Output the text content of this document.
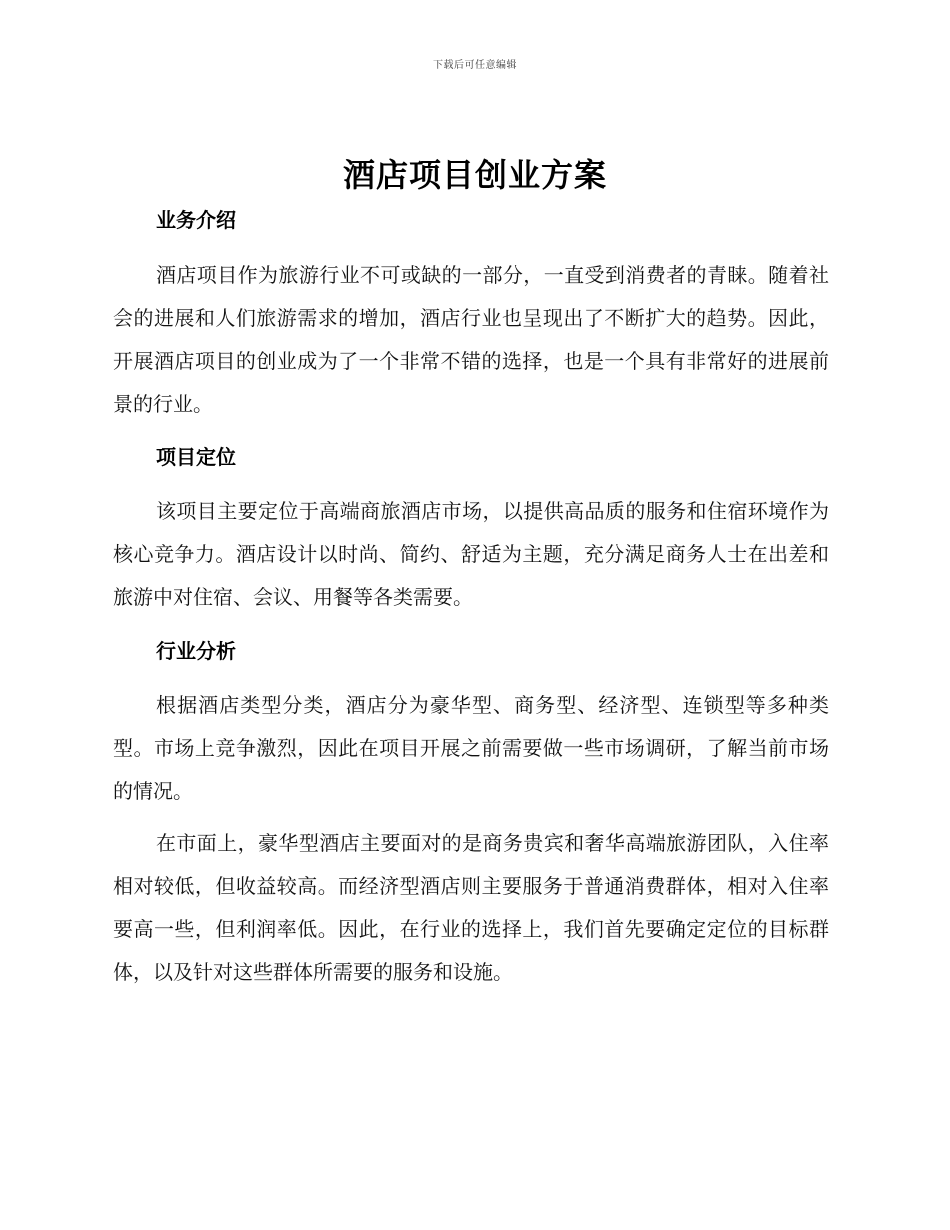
下载后可任意编辑
酒店项目创业方案
业务介绍

酒店项目作为旅游行业不可或缺的一部分，一直受到消费者的青睐。随着社会的进展和人们旅游需求的增加，酒店行业也呈现出了不断扩大的趋势。因此，开展酒店项目的创业成为了一个非常不错的选择，也是一个具有非常好的进展前景的行业。

项目定位

该项目主要定位于高端商旅酒店市场，以提供高品质的服务和住宿环境作为核心竞争力。酒店设计以时尚、简约、舒适为主题，充分满足商务人士在出差和旅游中对住宿、会议、用餐等各类需要。

行业分析

根据酒店类型分类，酒店分为豪华型、商务型、经济型、连锁型等多种类型。市场上竞争激烈，因此在项目开展之前需要做一些市场调研，了解当前市场的情况。

在市面上，豪华型酒店主要面对的是商务贵宾和奢华高端旅游团队，入住率相对较低，但收益较高。而经济型酒店则主要服务于普通消费群体，相对入住率要高一些，但利润率低。因此，在行业的选择上，我们首先要确定定位的目标群体，以及针对这些群体所需要的服务和设施。
